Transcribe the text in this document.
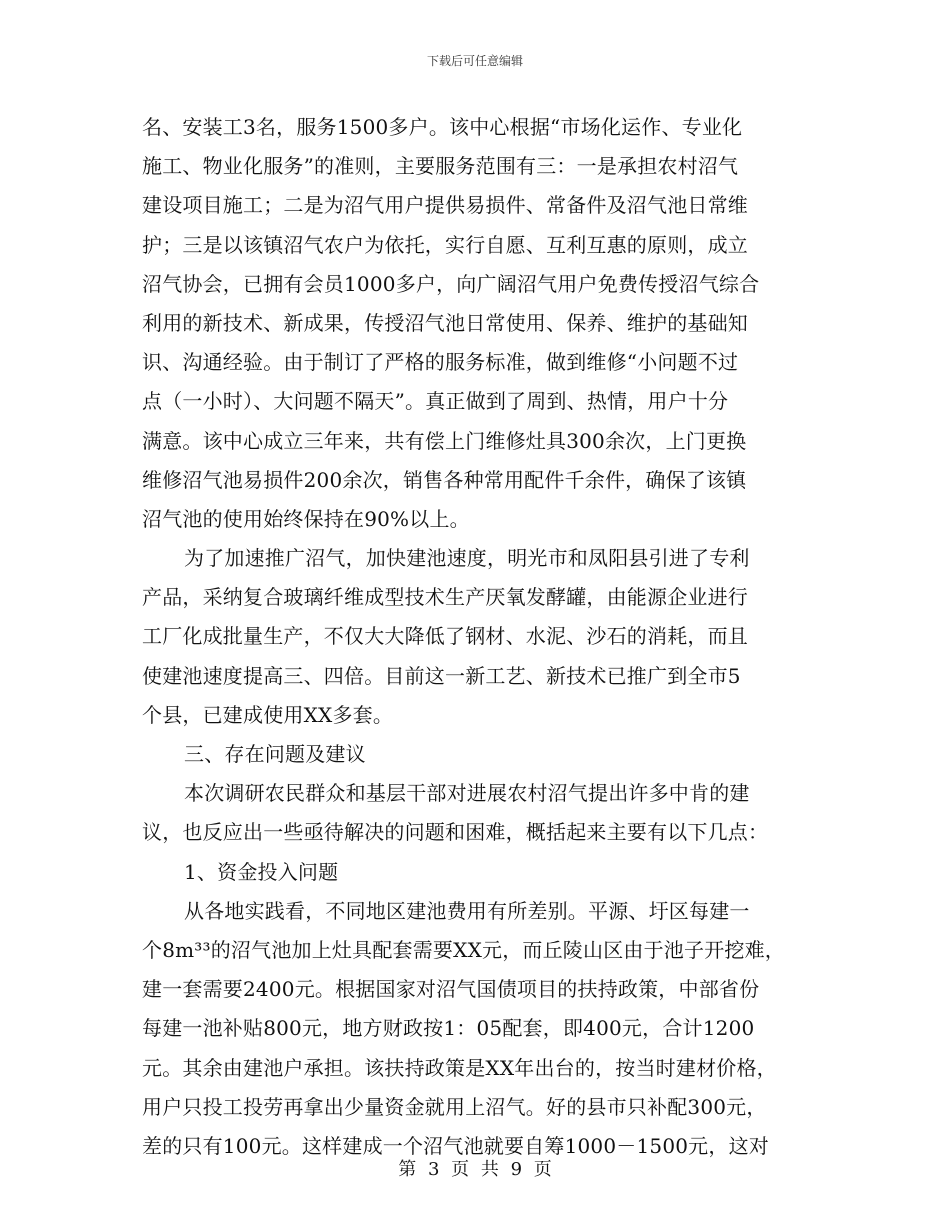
下载后可任意编辑
名、安装工3名，服务1500多户。该中心根据“市场化运作、专业化
施工、物业化服务”的准则，主要服务范围有三：一是承担农村沼气
建设项目施工；二是为沼气用户提供易损件、常备件及沼气池日常维
护；三是以该镇沼气农户为依托，实行自愿、互利互惠的原则，成立
沼气协会，已拥有会员1000多户，向广阔沼气用户免费传授沼气综合
利用的新技术、新成果，传授沼气池日常使用、保养、维护的基础知
识、沟通经验。由于制订了严格的服务标准，做到维修“小问题不过
点（一小时）、大问题不隔天”。真正做到了周到、热情，用户十分
满意。该中心成立三年来，共有偿上门维修灶具300余次，上门更换
维修沼气池易损件200余次，销售各种常用配件千余件，确保了该镇
沼气池的使用始终保持在90%以上。
为了加速推广沼气，加快建池速度，明光市和凤阳县引进了专利
产品，采纳复合玻璃纤维成型技术生产厌氧发酵罐，由能源企业进行
工厂化成批量生产，不仅大大降低了钢材、水泥、沙石的消耗，而且
使建池速度提高三、四倍。目前这一新工艺、新技术已推广到全市5
个县，已建成使用XX多套。
三、存在问题及建议
本次调研农民群众和基层干部对进展农村沼气提出许多中肯的建
议，也反应出一些亟待解决的问题和困难，概括起来主要有以下几点：
1、资金投入问题
从各地实践看，不同地区建池费用有所差别。平源、圩区每建一
个8m³³的沼气池加上灶具配套需要XX元，而丘陵山区由于池子开挖难，
建一套需要2400元。根据国家对沼气国债项目的扶持政策，中部省份
每建一池补贴800元，地方财政按1：05配套，即400元，合计1200
元。其余由建池户承担。该扶持政策是XX年出台的，按当时建材价格，
用户只投工投劳再拿出少量资金就用上沼气。好的县市只补配300元，
差的只有100元。这样建成一个沼气池就要自筹1000－1500元，这对
第 3 页 共 9 页
